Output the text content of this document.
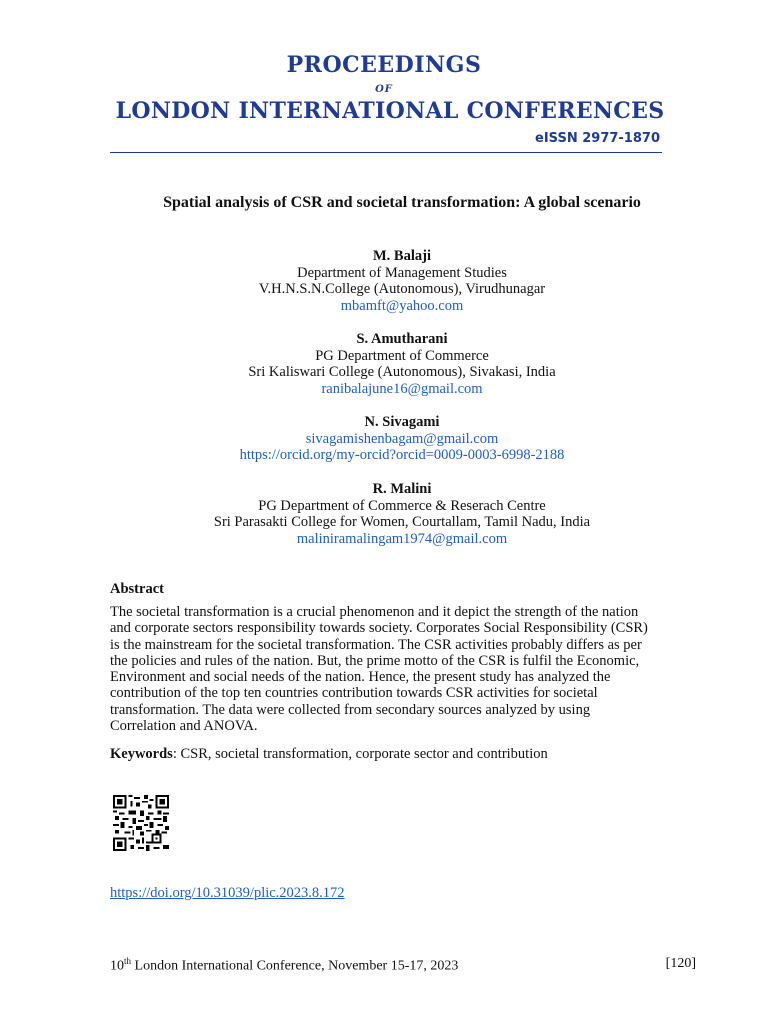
PROCEEDINGS
OF
LONDON INTERNATIONAL CONFERENCES
eISSN 2977-1870
Spatial analysis of CSR and societal transformation: A global scenario
M. Balaji
Department of Management Studies
V.H.N.S.N.College (Autonomous), Virudhunagar
mbamft@yahoo.com
S. Amutharani
PG Department of Commerce
Sri Kaliswari College (Autonomous), Sivakasi, India
ranibalajune16@gmail.com
N. Sivagami
sivagamishenbagam@gmail.com
https://orcid.org/my-orcid?orcid=0009-0003-6998-2188
R. Malini
PG Department of Commerce & Reserach Centre
Sri Parasakti College for Women, Courtallam, Tamil Nadu, India
maliniramalingam1974@gmail.com
Abstract
The societal transformation is a crucial phenomenon and it depict the strength of the nation
and corporate sectors responsibility towards society. Corporates Social Responsibility (CSR)
is the mainstream for the societal transformation. The CSR activities probably differs as per
the policies and rules of the nation. But, the prime motto of the CSR is fulfil the Economic,
Environment and social needs of the nation. Hence, the present study has analyzed the
contribution of the top ten countries contribution towards CSR activities for societal
transformation. The data were collected from secondary sources analyzed by using
Correlation and ANOVA.
Keywords: CSR, societal transformation, corporate sector and contribution
https://doi.org/10.31039/plic.2023.8.172
10th London International Conference, November 15-17, 2023	[120]
